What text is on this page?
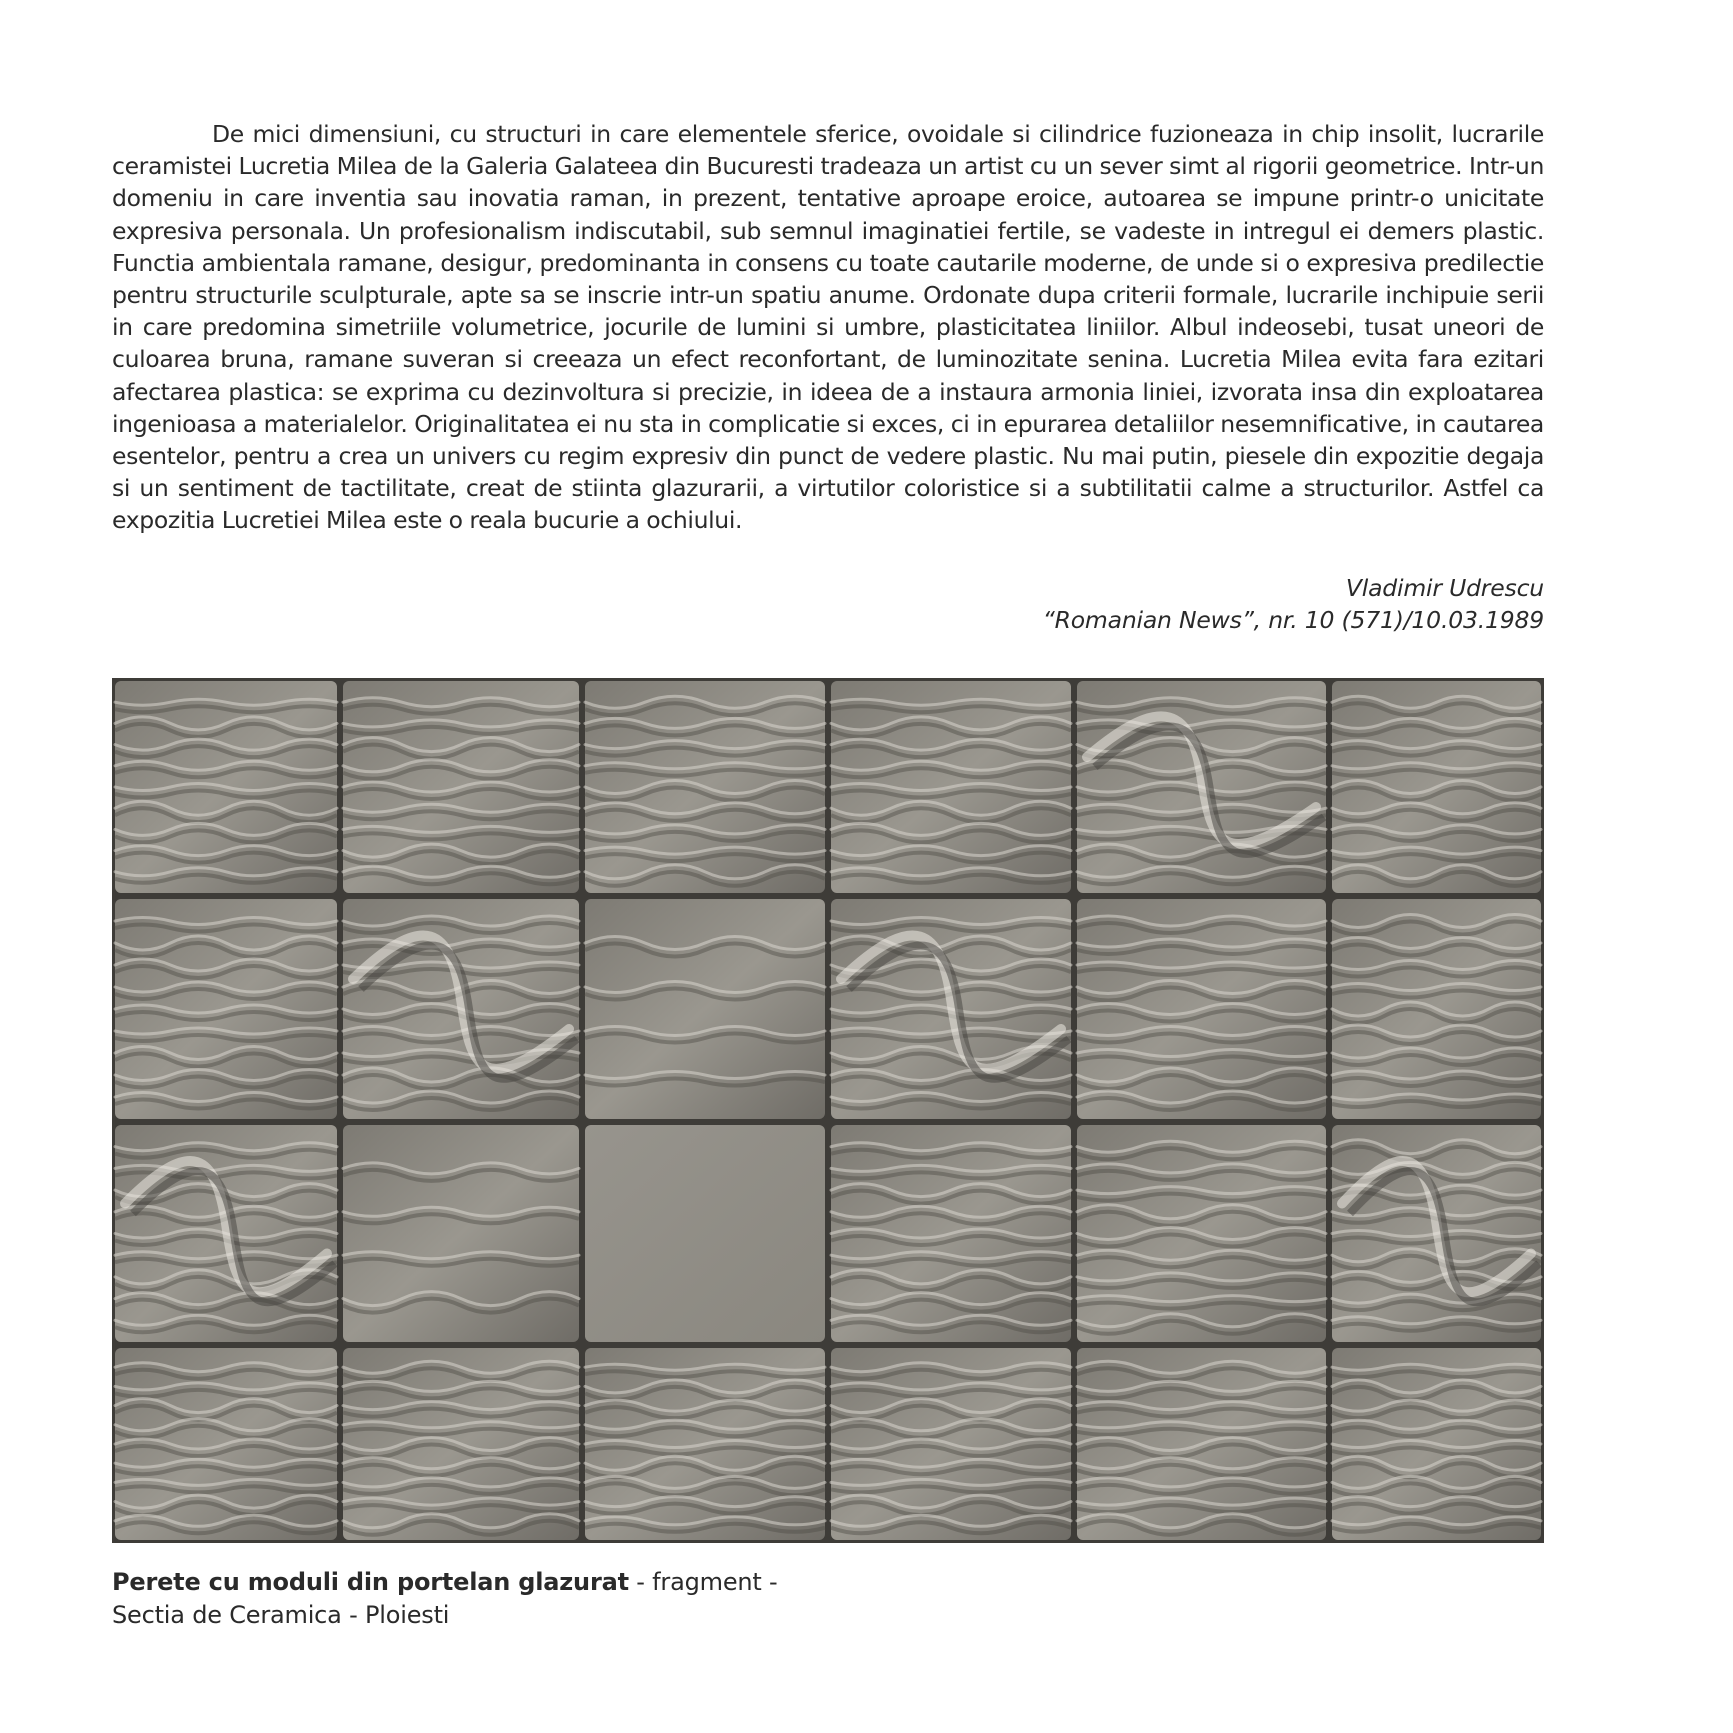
De mici dimensiuni, cu structuri in care elementele sferice, ovoidale si cilindrice fuzioneaza in chip insolit, lucrarile ceramistei Lucretia Milea de la Galeria Galateea din Bucuresti tradeaza un artist cu un sever simt al rigorii geometrice. Intr-un domeniu in care inventia sau inovatia raman, in prezent, tentative aproape eroice, autoarea se impune printr-o unicitate expresiva personala. Un profesionalism indiscutabil, sub semnul imaginatiei fertile, se vadeste in intregul ei demers plastic. Functia ambientala ramane, desigur, predominanta in consens cu toate cautarile moderne, de unde si o expresiva predilectie pentru structurile sculpturale, apte sa se inscrie intr-un spatiu anume. Ordonate dupa criterii formale, lucrarile inchipuie serii in care predomina simetriile volumetrice, jocurile de lumini si umbre, plasticitatea liniilor. Albul indeosebi, tusat uneori de culoarea bruna, ramane suveran si creeaza un efect reconfortant, de luminozitate senina. Lucretia Milea evita fara ezitari afectarea plastica: se exprima cu dezinvoltura si precizie, in ideea de a instaura armonia liniei, izvorata insa din exploatarea ingenioasa a materialelor. Originalitatea ei nu sta in complicatie si exces, ci in epurarea detaliilor nesemnificative, in cautarea esentelor, pentru a crea un univers cu regim expresiv din punct de vedere plastic. Nu mai putin, piesele din expozitie degaja si un sentiment de tactilitate, creat de stiinta glazurarii, a virtutilor coloristice si a subtilitatii calme a structurilor. Astfel ca expozitia Lucretiei Milea este o reala bucurie a ochiului.

Vladimir Udrescu
“Romanian News”, nr. 10 (571)/10.03.1989
Perete cu moduli din portelan glazurat - fragment -
Sectia de Ceramica - Ploiesti
